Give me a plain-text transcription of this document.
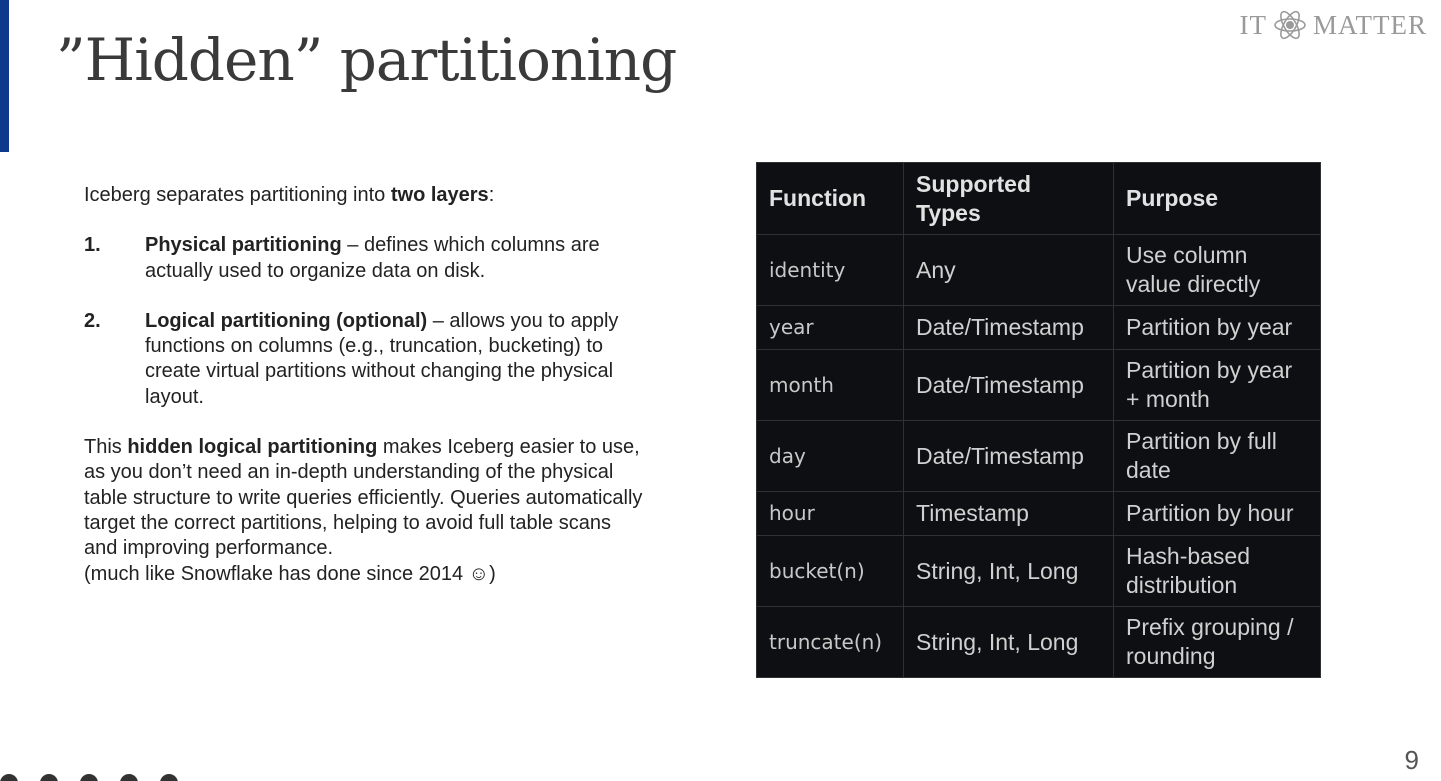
”Hidden” partitioning
IT MATTER

Iceberg separates partitioning into two layers:

1.	Physical partitioning – defines which columns are actually used to organize data on disk.
2.	Logical partitioning (optional) – allows you to apply functions on columns (e.g., truncation, bucketing) to create virtual partitions without changing the physical layout.

This hidden logical partitioning makes Iceberg easier to use, as you don’t need an in-depth understanding of the physical table structure to write queries efficiently. Queries automatically target the correct partitions, helping to avoid full table scans and improving performance.
(much like Snowflake has done since 2014 ☺)

Function	Supported Types	Purpose
identity	Any	Use column value directly
year	Date/Timestamp	Partition by year
month	Date/Timestamp	Partition by year + month
day	Date/Timestamp	Partition by full date
hour	Timestamp	Partition by hour
bucket(n)	String, Int, Long	Hash-based distribution
truncate(n)	String, Int, Long	Prefix grouping / rounding
9
